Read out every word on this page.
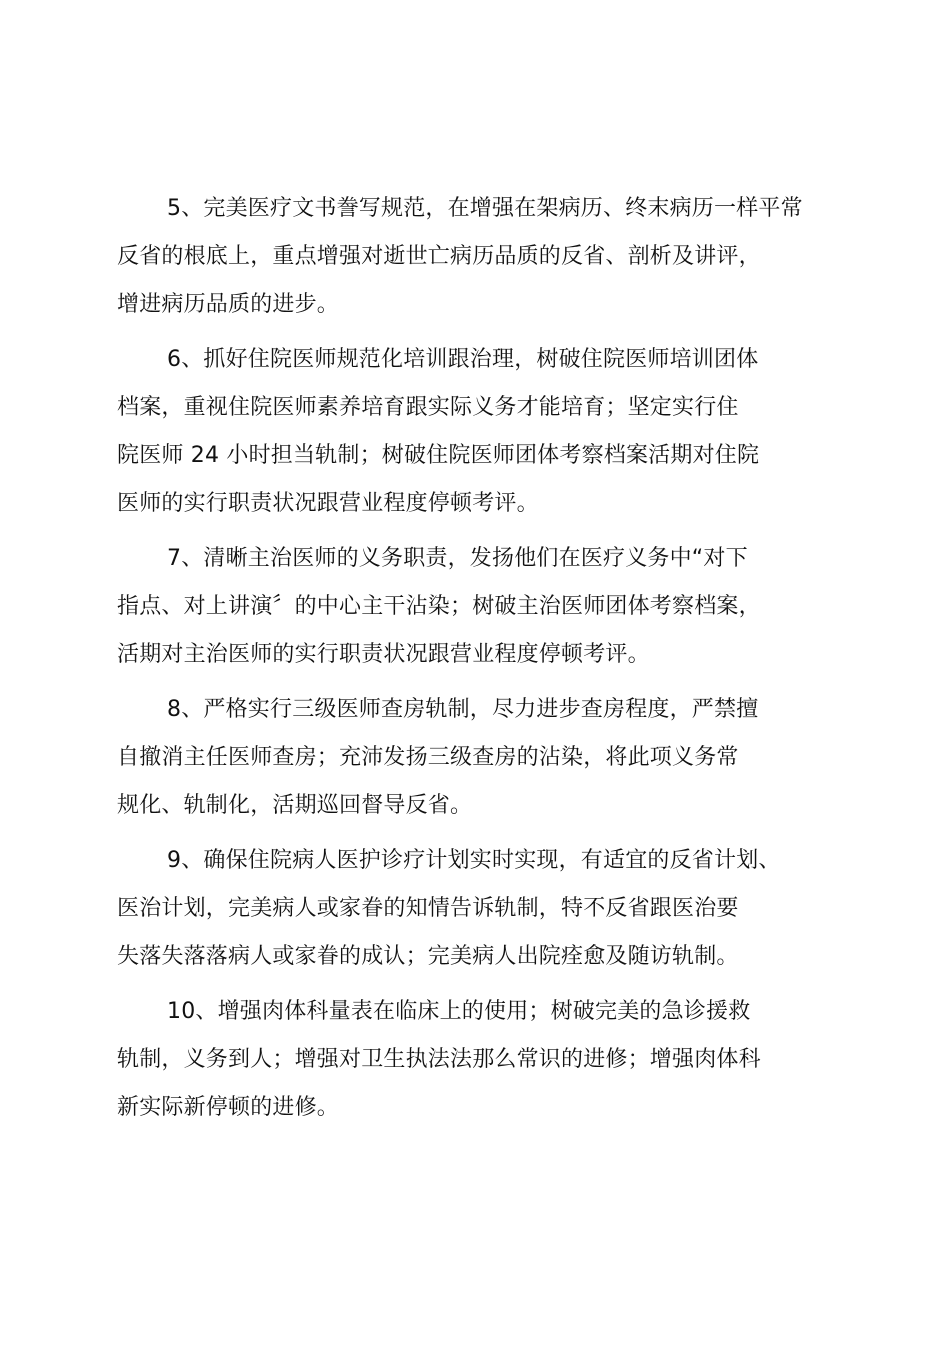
5、完美医疗文书誊写规范，在增强在架病历、终末病历一样平常
反省的根底上，重点增强对逝世亡病历品质的反省、剖析及讲评，
增进病历品质的进步。
6、抓好住院医师规范化培训跟治理，树破住院医师培训团体
档案，重视住院医师素养培育跟实际义务才能培育；坚定实行住
院医师 24 小时担当轨制；树破住院医师团体考察档案活期对住院
医师的实行职责状况跟营业程度停顿考评。
7、清晰主治医师的义务职责，发扬他们在医疗义务中“对下
指点、对上讲演〞的中心主干沾染；树破主治医师团体考察档案，
活期对主治医师的实行职责状况跟营业程度停顿考评。
8、严格实行三级医师查房轨制，尽力进步查房程度，严禁擅
自撤消主任医师查房；充沛发扬三级查房的沾染，将此项义务常
规化、轨制化，活期巡回督导反省。
9、确保住院病人医护诊疗计划实时实现，有适宜的反省计划、
医治计划，完美病人或家眷的知情告诉轨制，特不反省跟医治要
失落失落落病人或家眷的成认；完美病人出院痊愈及随访轨制。
10、增强肉体科量表在临床上的使用；树破完美的急诊援救
轨制，义务到人；增强对卫生执法法那么常识的进修；增强肉体科
新实际新停顿的进修。
